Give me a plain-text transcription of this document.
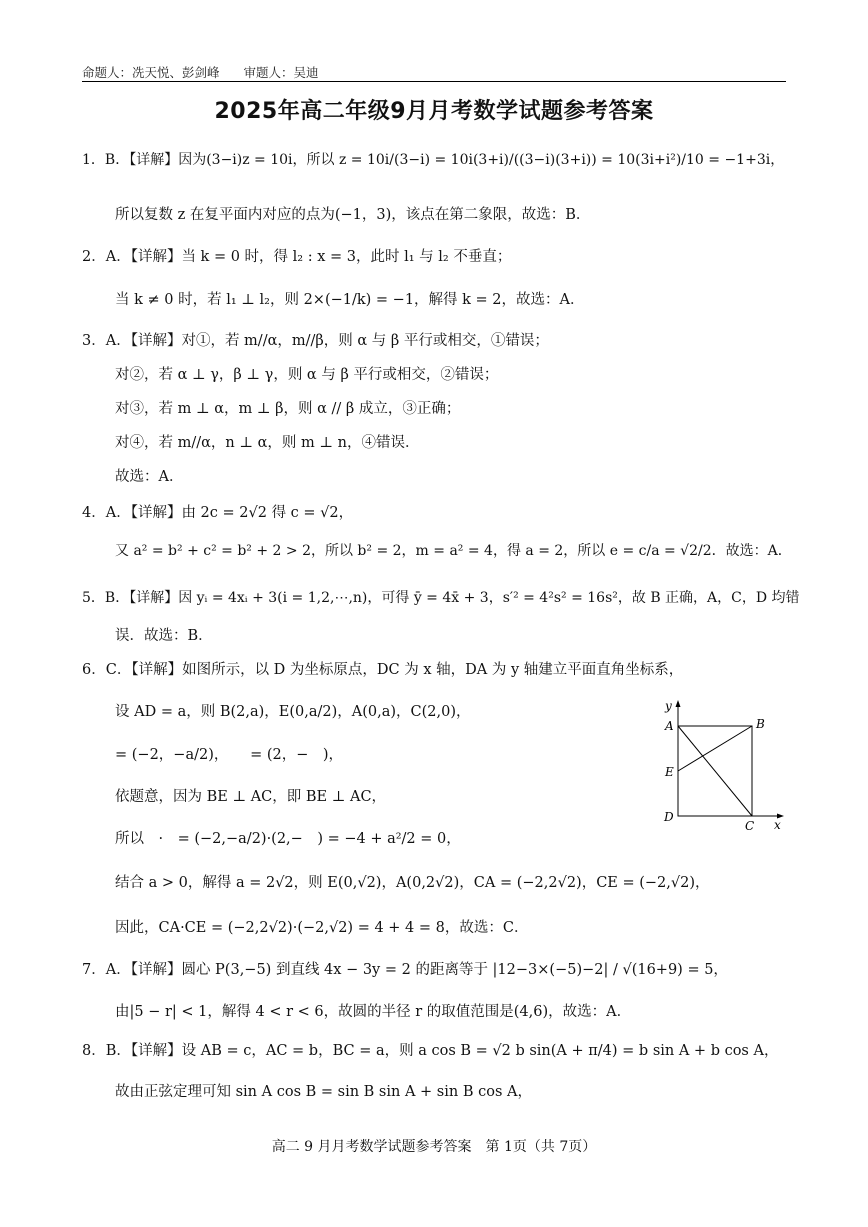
命题人：冼天悦、彭剑峰 审题人：吴迪
2025年高二年级9月月考数学试题参考答案
1．B．【详解】因为(3−i)z = 10i，所以 z = 10i/(3−i) = 10i(3+i)/((3−i)(3+i)) = 10(3i+i²)/10 = −1+3i，
所以复数 z 在复平面内对应的点为(−1，3)，该点在第二象限，故选：B．
2．A．【详解】当 k = 0 时，得 l₂ : x = 3，此时 l₁ 与 l₂ 不垂直；
当 k ≠ 0 时，若 l₁ ⊥ l₂，则 2×(−1/k) = −1，解得 k = 2，故选：A．
3．A．【详解】对①，若 m//α，m//β，则 α 与 β 平行或相交，①错误；
对②，若 α ⊥ γ，β ⊥ γ，则 α 与 β 平行或相交，②错误；
对③，若 m ⊥ α，m ⊥ β，则 α // β 成立，③正确；
对④，若 m//α，n ⊥ α，则 m ⊥ n，④错误．
故选：A．
4．A．【详解】由 2c = 2√2 得 c = √2，
又 a² = b² + c² = b² + 2 > 2，所以 b² = 2，m = a² = 4，得 a = 2，所以 e = c/a = √2/2．故选：A．
5．B．【详解】因 yᵢ = 4xᵢ + 3(i = 1,2,⋯,n)，可得 ȳ = 4x̄ + 3，s′² = 4²s² = 16s²，故 B 正确，A，C，D 均错
误．故选：B．
6．C．【详解】如图所示，以 D 为坐标原点，DC 为 x 轴，DA 为 y 轴建立平面直角坐标系，
设 AD = a，则 B(2,a)，E(0,a/2)，A(0,a)，C(2,0)，
= (−2，−a/2)，　　= (2，−　)，
依题意，因为 BE ⊥ AC，即 BE ⊥ AC，
所以　·　= (−2,−a/2)·(2,−　) = −4 + a²/2 = 0，
结合 a > 0，解得 a = 2√2，则 E(0,√2)，A(0,2√2)，CA = (−2,2√2)，CE = (−2,√2)，
因此，CA·CE = (−2,2√2)·(−2,√2) = 4 + 4 = 8，故选：C．
7．A．【详解】圆心 P(3,−5) 到直线 4x − 3y = 2 的距离等于 |12−3×(−5)−2| / √(16+9) = 5，
由|5 − r| < 1，解得 4 < r < 6，故圆的半径 r 的取值范围是(4,6)，故选：A．
8．B．【详解】设 AB = c，AC = b，BC = a，则 a cos B = √2 b sin(A + π/4) = b sin A + b cos A，
故由正弦定理可知 sin A cos B = sin B sin A + sin B cos A，
y
A	B
E
D
C x
高二 9 月月考数学试题参考答案　第 1页（共 7页）
